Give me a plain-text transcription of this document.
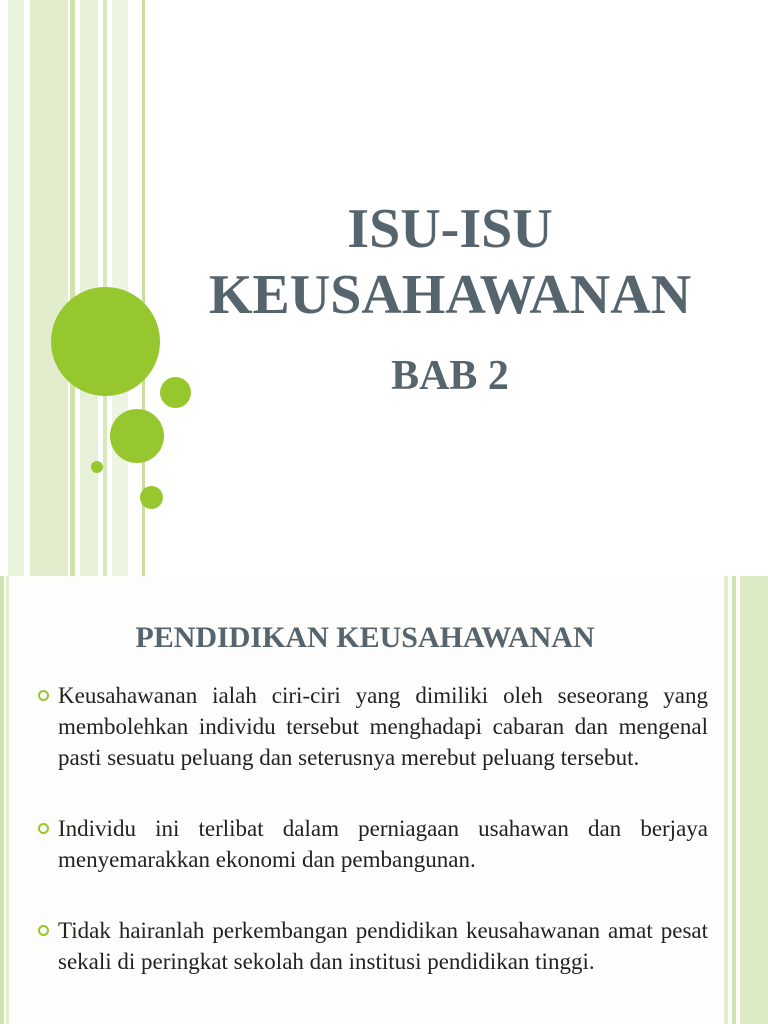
ISU-ISU
KEUSAHAWANAN
BAB 2
PENDIDIKAN KEUSAHAWANAN

Keusahawanan ialah ciri-ciri yang dimiliki oleh seseorang yang membolehkan individu tersebut menghadapi cabaran dan mengenal pasti sesuatu peluang dan seterusnya merebut peluang tersebut.

Individu ini terlibat dalam perniagaan usahawan dan berjaya menyemarakkan ekonomi dan pembangunan.

Tidak hairanlah perkembangan pendidikan keusahawanan amat pesat sekali di peringkat sekolah dan institusi pendidikan tinggi.
